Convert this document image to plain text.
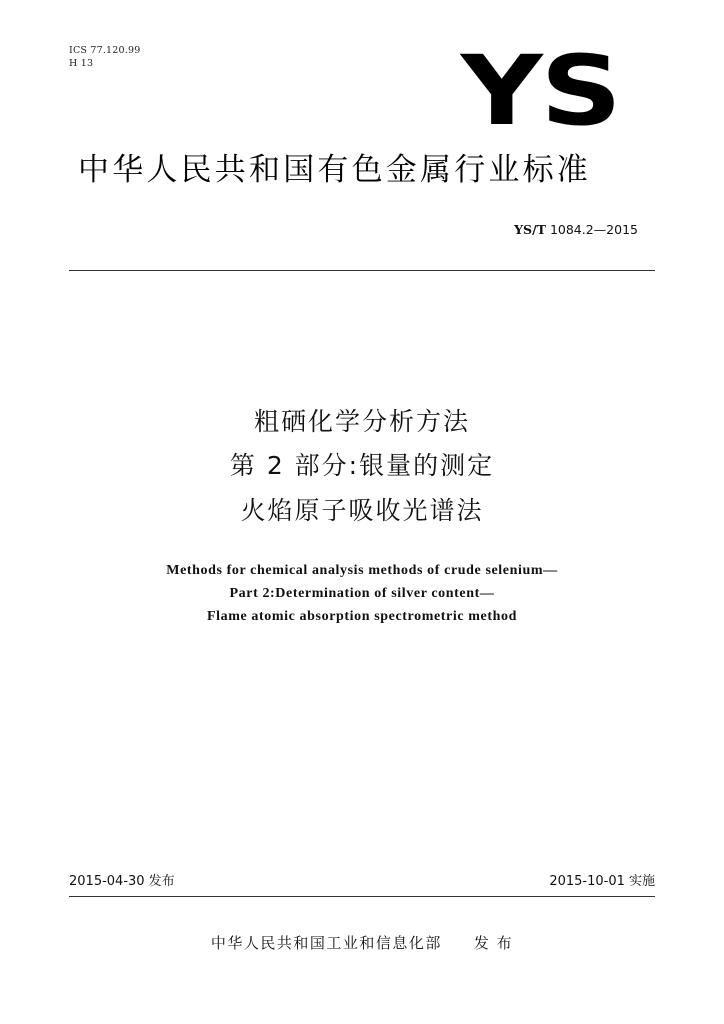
ICS 77.120.99
H 13	YS
中华人民共和国有色金属行业标准
YS/T 1084.2—2015
粗硒化学分析方法
第 2 部分:银量的测定
火焰原子吸收光谱法
Methods for chemical analysis methods of crude selenium—
Part 2:Determination of silver content—
Flame atomic absorption spectrometric method
2015-04-30 发布	2015-10-01 实施
中华人民共和国工业和信息化部 发 布
